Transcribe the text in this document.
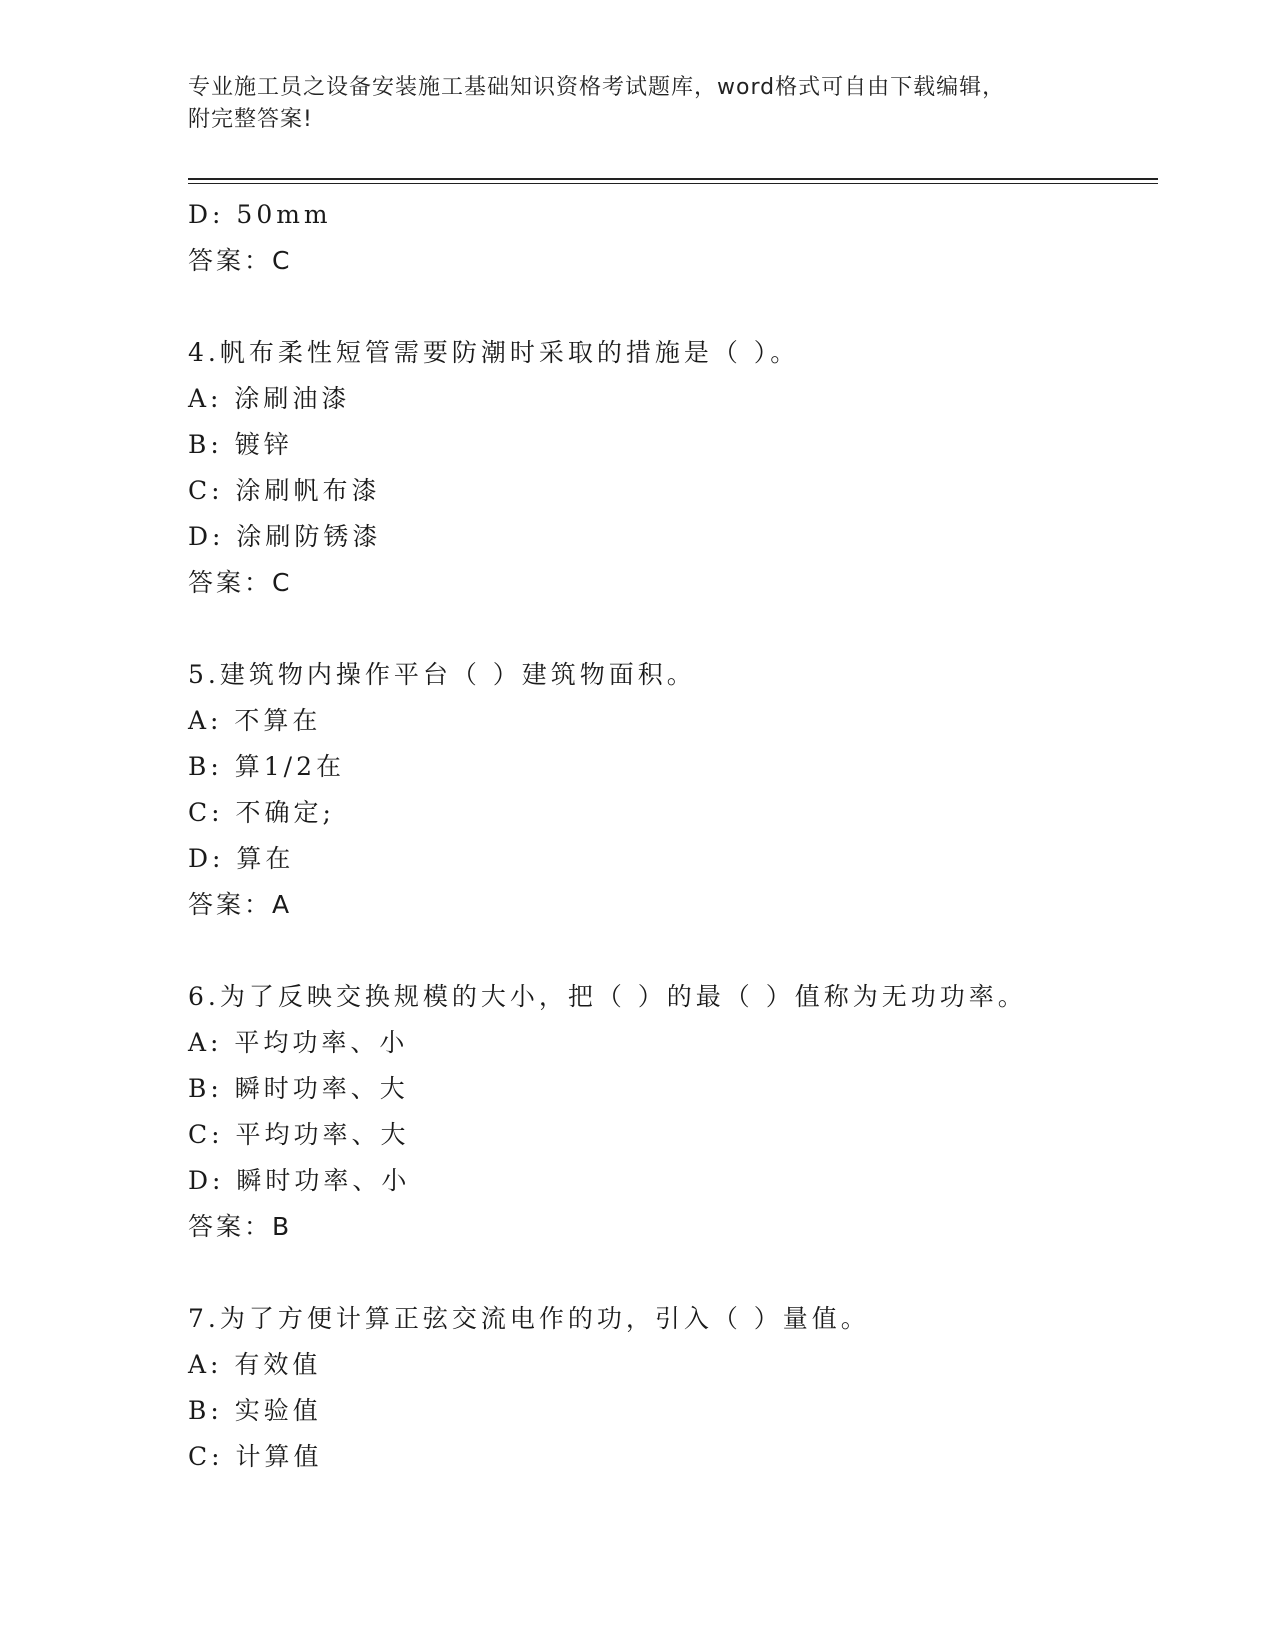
专业施工员之设备安装施工基础知识资格考试题库，word格式可自由下载编辑，
附完整答案!
D: 50mm
答案：C
4.帆布柔性短管需要防潮时采取的措施是（ ）。
A: 涂刷油漆
B: 镀锌
C: 涂刷帆布漆
D: 涂刷防锈漆
答案：C
5.建筑物内操作平台（ ）建筑物面积。
A: 不算在
B: 算1/2在
C: 不确定;
D: 算在
答案：A
6.为了反映交换规模的大小，把（ ）的最（ ）值称为无功功率。
A: 平均功率、小
B: 瞬时功率、大
C: 平均功率、大
D: 瞬时功率、小
答案：B
7.为了方便计算正弦交流电作的功，引入（ ）量值。
A: 有效值
B: 实验值
C: 计算值
